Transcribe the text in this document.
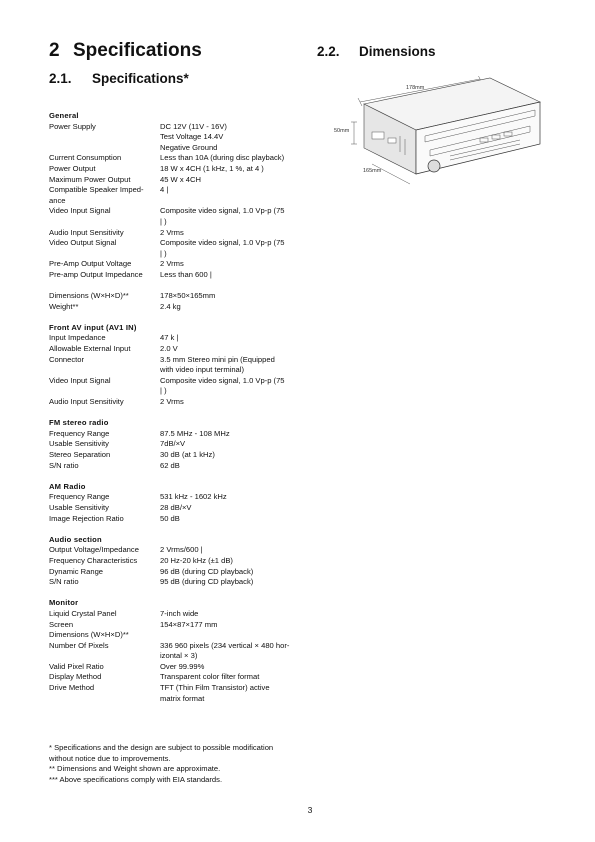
2 Specifications
2.1. Specifications*
2.2. Dimensions
178mm
50mm
165mm
General
Power Supply	DC 12V (11V - 16V)
Test Voltage 14.4V
Negative Ground
Current Consumption	Less than 10A (during disc playback)
Power Output	18 W x 4CH (1 kHz, 1 %, at 4 )
Maximum Power Output	45 W x 4CH
Compatible Speaker Imped-	4 |
ance
Video Input Signal	Composite video signal, 1.0 Vp-p (75
| )
Audio Input Sensitivity	2 Vrms
Video Output Signal	Composite video signal, 1.0 Vp-p (75
| )
Pre-Amp Output Voltage	2 Vrms
Pre-amp Output Impedance	Less than 600 |
Dimensions (W×H×D)**	178×50×165mm
Weight**	2.4 kg
Front AV input (AV1 IN)
Input Impedance	47 k |
Allowable External Input	2.0 V
Connector	3.5 mm Stereo mini pin (Equipped
with video input terminal)
Video Input Signal	Composite video signal, 1.0 Vp-p (75
| )
Audio Input Sensitivity	2 Vrms
FM stereo radio
Frequency Range	87.5 MHz - 108 MHz
Usable Sensitivity	7dB/×V
Stereo Separation	30 dB (at 1 kHz)
S/N ratio	62 dB
AM Radio
Frequency Range	531 kHz - 1602 kHz
Usable Sensitivity	28 dB/×V
Image Rejection Ratio	50 dB
Audio section
Output Voltage/Impedance	2 Vrms/600 |
Frequency Characteristics	20 Hz-20 kHz (±1 dB)
Dynamic Range	96 dB (during CD playback)
S/N ratio	95 dB (during CD playback)
Monitor
Liquid Crystal Panel	7-inch wide
Screen	154×87×177 mm
Dimensions (W×H×D)**
Number Of Pixels	336 960 pixels (234 vertical × 480 hor-
izontal × 3)
Valid Pixel Ratio	Over 99.99%
Display Method	Transparent color filter format
Drive Method	TFT (Thin Film Transistor) active
matrix format
* Specifications and the design are subject to possible modification
without notice due to improvements.
** Dimensions and Weight shown are approximate.
*** Above specifications comply with EIA standards.
3
